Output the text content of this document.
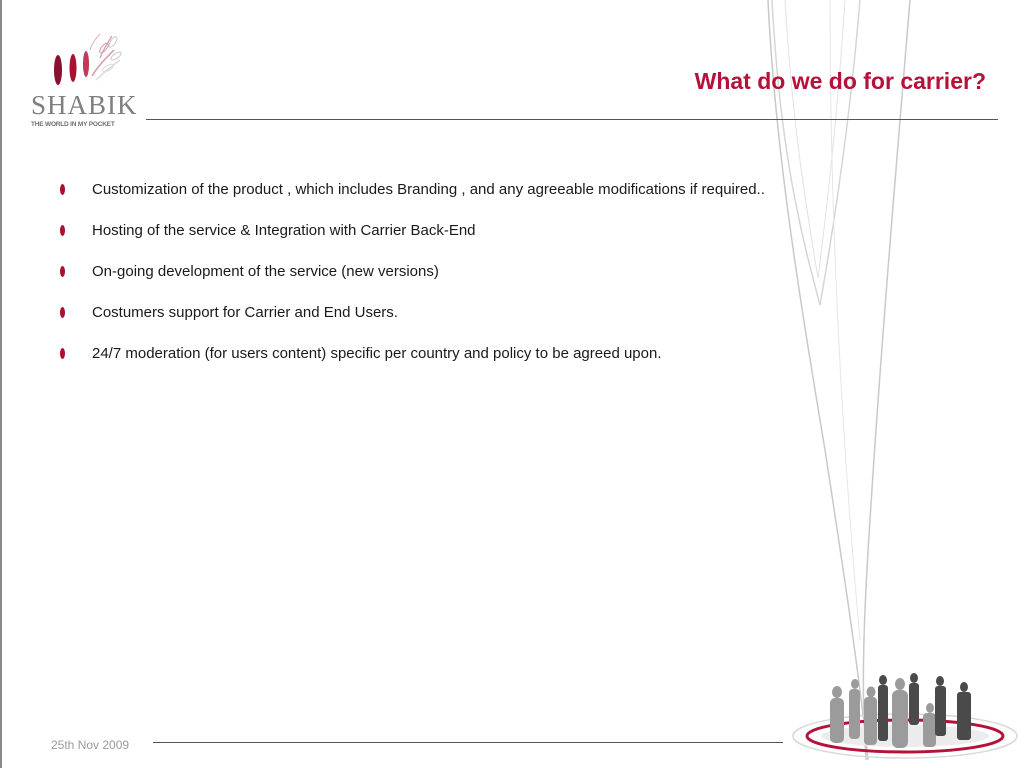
SHABIK
THE WORLD IN MY POCKET
What do we do for carrier?
Customization of the product , which includes Branding , and any agreeable modifications if required..
Hosting of the service & Integration with Carrier Back-End
On-going development of the service (new versions)
Costumers support for Carrier and End Users.
24/7 moderation (for users content) specific per country and policy to be agreed upon.
25th Nov 2009
